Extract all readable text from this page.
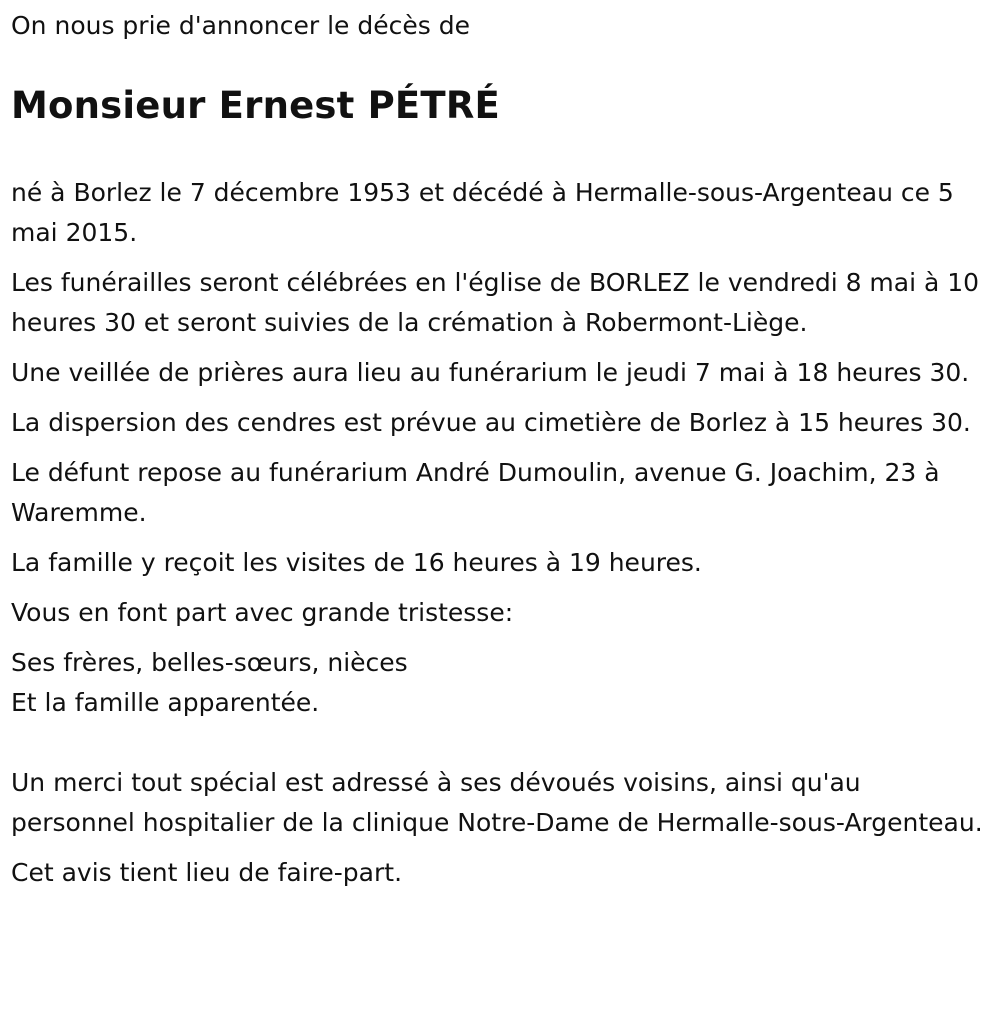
On nous prie d'annoncer le décès de

Monsieur Ernest PÉTRÉ

né à Borlez le 7 décembre 1953 et décédé à Hermalle-sous-Argenteau ce 5 mai 2015.

Les funérailles seront célébrées en l'église de BORLEZ le vendredi 8 mai à 10 heures 30 et seront suivies de la crémation à Robermont-Liège.

Une veillée de prières aura lieu au funérarium le jeudi 7 mai à 18 heures 30.

La dispersion des cendres est prévue au cimetière de Borlez à 15 heures 30.

Le défunt repose au funérarium André Dumoulin, avenue G. Joachim, 23 à Waremme.

La famille y reçoit les visites de 16 heures à 19 heures.

Vous en font part avec grande tristesse:

Ses frères, belles-sœurs, nièces
Et la famille apparentée.

Un merci tout spécial est adressé à ses dévoués voisins, ainsi qu'au personnel hospitalier de la clinique Notre-Dame de Hermalle-sous-Argenteau.

Cet avis tient lieu de faire-part.
